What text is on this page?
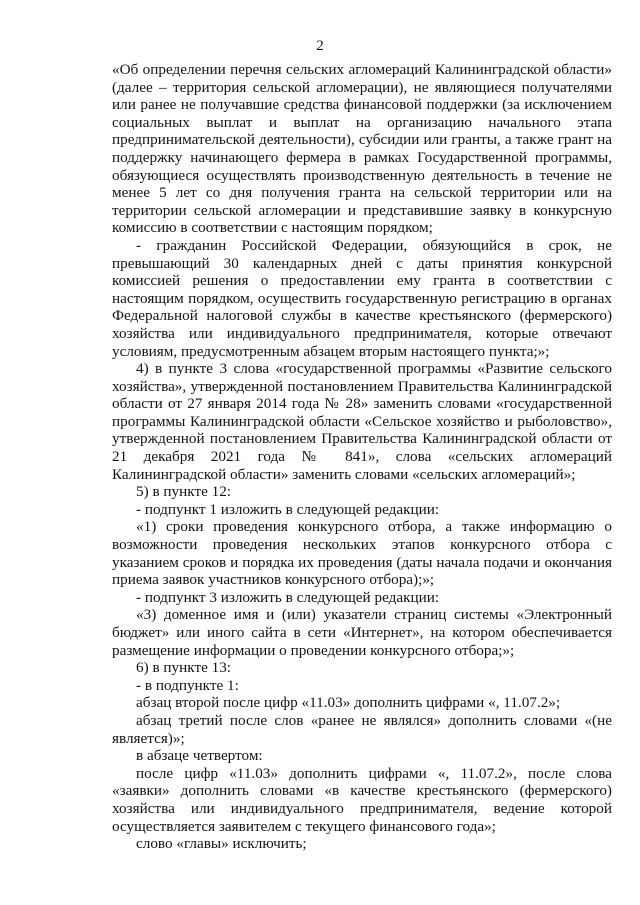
2

«Об определении перечня сельских агломераций Калининградской области» (далее – территория сельской агломерации), не являющиеся получателями или ранее не получавшие средства финансовой поддержки (за исключением социальных выплат и выплат на организацию начального этапа предпринимательской деятельности), субсидии или гранты, а также грант на поддержку начинающего фермера в рамках Государственной программы, обязующиеся осуществлять производственную деятельность в течение не менее 5 лет со дня получения гранта на сельской территории или на территории сельской агломерации и представившие заявку в конкурсную комиссию в соответствии с настоящим порядком;

- гражданин Российской Федерации, обязующийся в срок, не превышающий 30 календарных дней с даты принятия конкурсной комиссией решения о предоставлении ему гранта в соответствии с настоящим порядком, осуществить государственную регистрацию в органах Федеральной налоговой службы в качестве крестьянского (фермерского) хозяйства или индивидуального предпринимателя, которые отвечают условиям, предусмотренным абзацем вторым настоящего пункта;»;

4) в пункте 3 слова «государственной программы «Развитие сельского хозяйства», утвержденной постановлением Правительства Калининградской области от 27 января 2014 года № 28» заменить словами «государственной программы Калининградской области «Сельское хозяйство и рыболовство», утвержденной постановлением Правительства Калининградской области от 21 декабря 2021 года № 841», слова «сельских агломераций Калининградской области» заменить словами «сельских агломераций»;

5) в пункте 12:

- подпункт 1 изложить в следующей редакции:

«1) сроки проведения конкурсного отбора, а также информацию о возможности проведения нескольких этапов конкурсного отбора с указанием сроков и порядка их проведения (даты начала подачи и окончания приема заявок участников конкурсного отбора);»;

- подпункт 3 изложить в следующей редакции:

«3) доменное имя и (или) указатели страниц системы «Электронный бюджет» или иного сайта в сети «Интернет», на котором обеспечивается размещение информации о проведении конкурсного отбора;»;

6) в пункте 13:

- в подпункте 1:

абзац второй после цифр «11.03» дополнить цифрами «, 11.07.2»;

абзац третий после слов «ранее не являлся» дополнить словами «(не является)»;

в абзаце четвертом:

после цифр «11.03» дополнить цифрами «, 11.07.2», после слова «заявки» дополнить словами «в качестве крестьянского (фермерского) хозяйства или индивидуального предпринимателя, ведение которой осуществляется заявителем с текущего финансового года»;

слово «главы» исключить;
